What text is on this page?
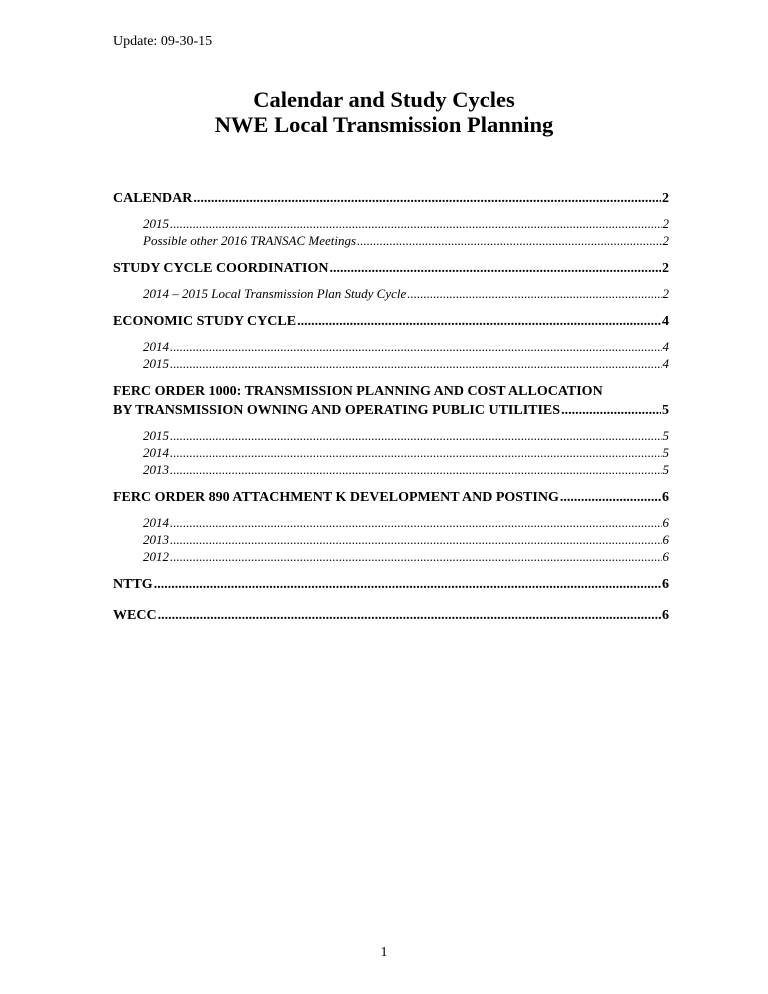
Update: 09-30-15
Calendar and Study Cycles
NWE Local Transmission Planning
CALENDAR .....	2
2015 .....	2
Possible other 2016 TRANSAC Meetings .....	2
STUDY CYCLE COORDINATION .....	2
2014 – 2015 Local Transmission Plan Study Cycle .....	2
ECONOMIC STUDY CYCLE .....	4
2014 .....	4
2015 .....	4
FERC ORDER 1000: TRANSMISSION PLANNING AND COST ALLOCATION
BY TRANSMISSION OWNING AND OPERATING PUBLIC UTILITIES .....	5
2015 .....	5
2014 .....	5
2013 .....	5
FERC ORDER 890 ATTACHMENT K DEVELOPMENT AND POSTING .....	6
2014 .....	6
2013 .....	6
2012 .....	6
NTTG .....	6
WECC .....	6
1
